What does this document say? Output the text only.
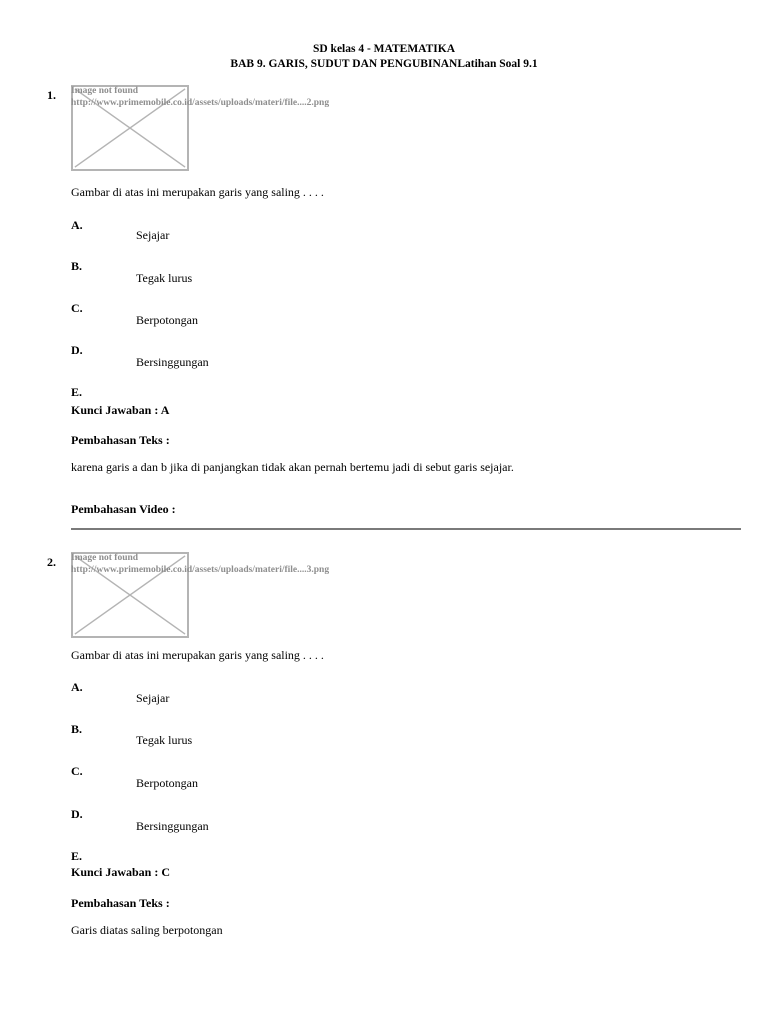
SD kelas 4 - MATEMATIKA
BAB 9. GARIS, SUDUT DAN PENGUBINANLatihan Soal 9.1
1. Image not found
http://www.primemobile.co.id/assets/uploads/materi/file....2.png
Gambar di atas ini merupakan garis yang saling . . . .
A.
Sejajar
B.
Tegak lurus
C.
Berpotongan
D.
Bersinggungan
E.
Kunci Jawaban : A
Pembahasan Teks :
karena garis a dan b jika di panjangkan tidak akan pernah bertemu jadi di sebut garis sejajar.
Pembahasan Video :
2. Image not found
http://www.primemobile.co.id/assets/uploads/materi/file....3.png
Gambar di atas ini merupakan garis yang saling . . . .
A.
Sejajar
B.
Tegak lurus
C.
Berpotongan
D.
Bersinggungan
E.
Kunci Jawaban : C
Pembahasan Teks :
Garis diatas saling berpotongan
